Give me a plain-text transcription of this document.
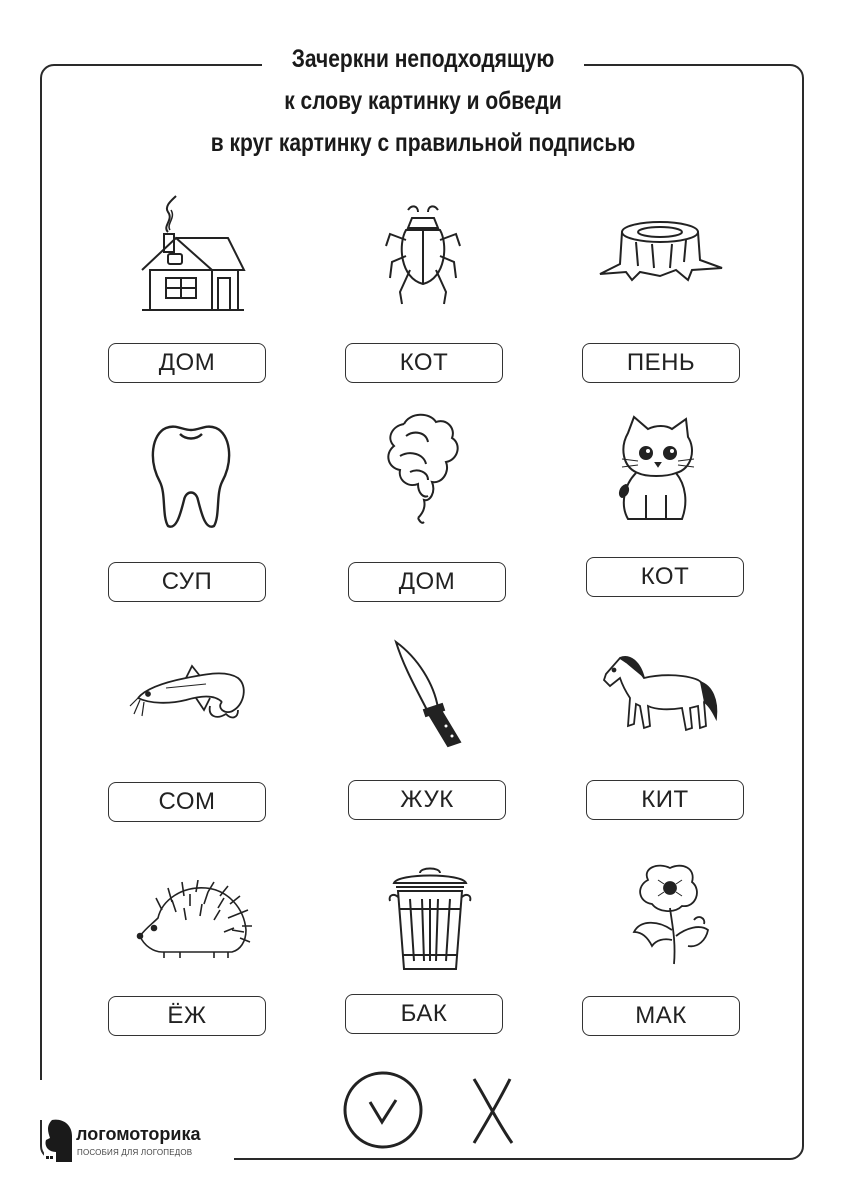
Зачеркни неподходящую
к слову картинку и обведи
в круг картинку с правильной подписью
ДОМ	КОТ	ПЕНЬ
СУП	ДОМ	КОТ
СОМ	ЖУК	КИТ
ЁЖ	БАК	МАК
логомоторика
ПОСОБИЯ ДЛЯ ЛОГОПЕДОВ
